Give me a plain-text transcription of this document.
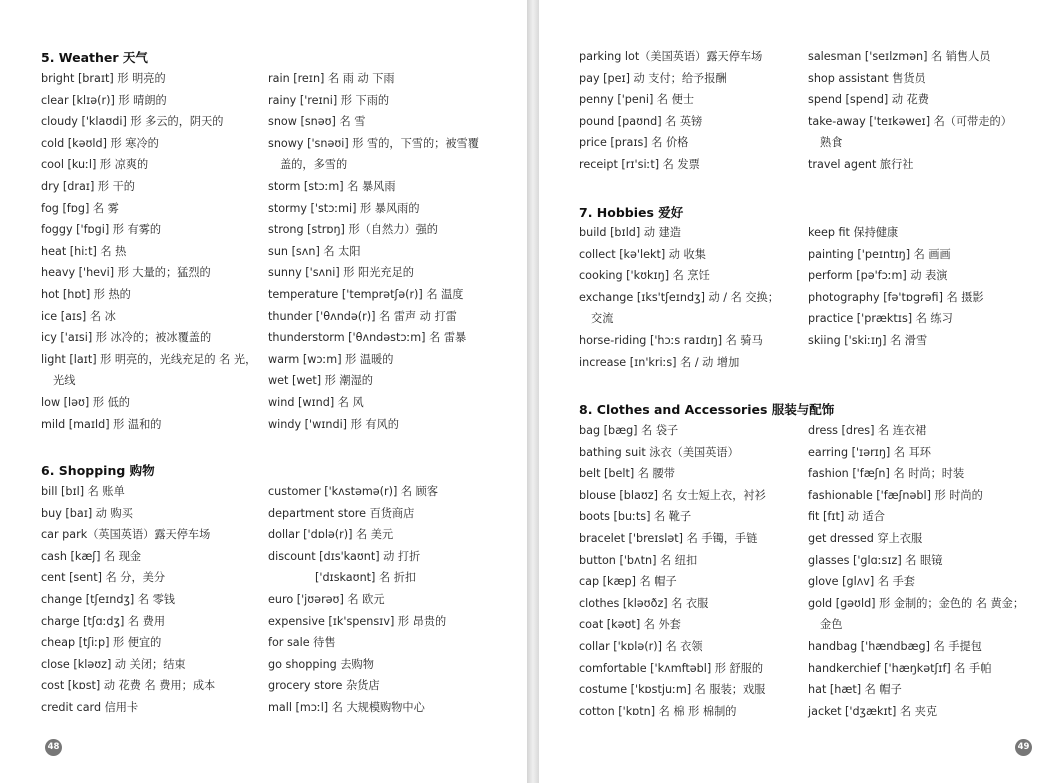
5. Weather 天气
bright [braɪt] 形 明亮的
clear [klɪə(r)] 形 晴朗的
cloudy ['klaʊdi] 形 多云的，阴天的
cold [kəʊld] 形 寒冷的
cool [kuːl] 形 凉爽的
dry [draɪ] 形 干的
fog [fɒg] 名 雾
foggy ['fɒgi] 形 有雾的
heat [hiːt] 名 热
heavy ['hevi] 形 大量的；猛烈的
hot [hɒt] 形 热的
ice [aɪs] 名 冰
icy ['aɪsi] 形 冰冷的；被冰覆盖的
light [laɪt] 形 明亮的，光线充足的 名 光，
光线
low [ləʊ] 形 低的
mild [maɪld] 形 温和的
rain [reɪn] 名 雨 动 下雨
rainy ['reɪni] 形 下雨的
snow [snəʊ] 名 雪
snowy ['snəʊi] 形 雪的，下雪的；被雪覆
盖的，多雪的
storm [stɔːm] 名 暴风雨
stormy ['stɔːmi] 形 暴风雨的
strong [strɒŋ] 形（自然力）强的
sun [sʌn] 名 太阳
sunny ['sʌni] 形 阳光充足的
temperature ['temprətʃə(r)] 名 温度
thunder ['θʌndə(r)] 名 雷声 动 打雷
thunderstorm ['θʌndəstɔːm] 名 雷暴
warm [wɔːm] 形 温暖的
wet [wet] 形 潮湿的
wind [wɪnd] 名 风
windy ['wɪndi] 形 有风的
6. Shopping 购物
bill [bɪl] 名 账单
buy [baɪ] 动 购买
car park（英国英语）露天停车场
cash [kæʃ] 名 现金
cent [sent] 名 分，美分
change [tʃeɪndʒ] 名 零钱
charge [tʃɑːdʒ] 名 费用
cheap [tʃiːp] 形 便宜的
close [kləʊz] 动 关闭；结束
cost [kɒst] 动 花费 名 费用；成本
credit card 信用卡
customer ['kʌstəmə(r)] 名 顾客
department store 百货商店
dollar ['dɒlə(r)] 名 美元
discount [dɪs'kaʊnt] 动 打折
['dɪskaʊnt] 名 折扣
euro ['jʊərəʊ] 名 欧元
expensive [ɪk'spensɪv] 形 昂贵的
for sale 待售
go shopping 去购物
grocery store 杂货店
mall [mɔːl] 名 大规模购物中心
48
parking lot（美国英语）露天停车场
pay [peɪ] 动 支付；给予报酬
penny ['peni] 名 便士
pound [paʊnd] 名 英镑
price [praɪs] 名 价格
receipt [rɪ'siːt] 名 发票
salesman ['seɪlzmən] 名 销售人员
shop assistant 售货员
spend [spend] 动 花费
take-away ['teɪkəweɪ] 名（可带走的）
熟食
travel agent 旅行社
7. Hobbies 爱好
build [bɪld] 动 建造
collect [kə'lekt] 动 收集
cooking ['kʊkɪŋ] 名 烹饪
exchange [ɪks'tʃeɪndʒ] 动 / 名 交换；
交流
horse-riding ['hɔːs raɪdɪŋ] 名 骑马
increase [ɪn'kriːs] 名 / 动 增加
keep fit 保持健康
painting ['peɪntɪŋ] 名 画画
perform [pə'fɔːm] 动 表演
photography [fə'tɒgrəfi] 名 摄影
practice ['præktɪs] 名 练习
skiing ['skiːɪŋ] 名 滑雪
8. Clothes and Accessories 服装与配饰
bag [bæg] 名 袋子
bathing suit 泳衣（美国英语）
belt [belt] 名 腰带
blouse [blaʊz] 名 女士短上衣，衬衫
boots [buːts] 名 靴子
bracelet ['breɪslət] 名 手镯，手链
button ['bʌtn] 名 纽扣
cap [kæp] 名 帽子
clothes [kləʊðz] 名 衣服
coat [kəʊt] 名 外套
collar ['kɒlə(r)] 名 衣领
comfortable ['kʌmftəbl] 形 舒服的
costume ['kɒstjuːm] 名 服装；戏服
cotton ['kɒtn] 名 棉 形 棉制的
dress [dres] 名 连衣裙
earring ['ɪərɪŋ] 名 耳环
fashion ['fæʃn] 名 时尚；时装
fashionable ['fæʃnəbl] 形 时尚的
fit [fɪt] 动 适合
get dressed 穿上衣服
glasses ['glɑːsɪz] 名 眼镜
glove [glʌv] 名 手套
gold [gəʊld] 形 金制的；金色的 名 黄金；
金色
handbag ['hændbæg] 名 手提包
handkerchief ['hæŋkətʃɪf] 名 手帕
hat [hæt] 名 帽子
jacket ['dʒækɪt] 名 夹克
49
